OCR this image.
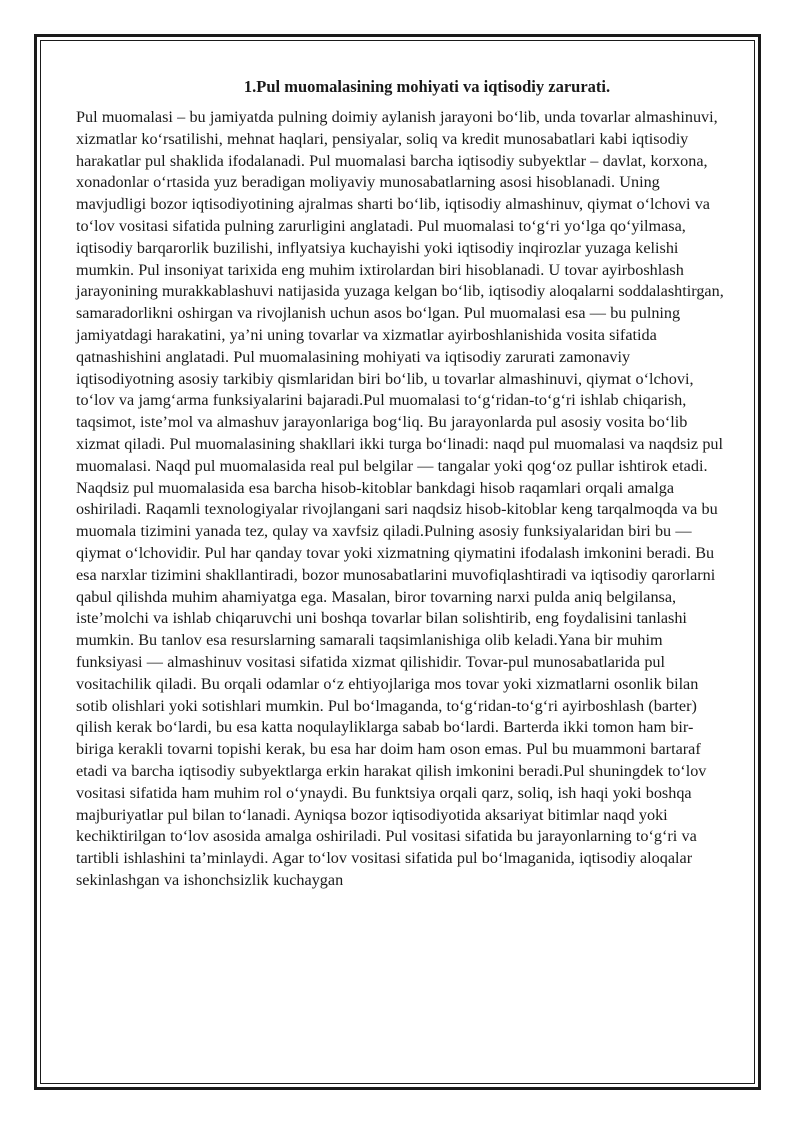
1.Pul muomalasining mohiyati va iqtisodiy zarurati.

Pul muomalasi – bu jamiyatda pulning doimiy aylanish jarayoni bo‘lib, unda tovarlar almashinuvi, xizmatlar ko‘rsatilishi, mehnat haqlari, pensiyalar, soliq va kredit munosabatlari kabi iqtisodiy harakatlar pul shaklida ifodalanadi. Pul muomalasi barcha iqtisodiy subyektlar – davlat, korxona, xonadonlar o‘rtasida yuz beradigan moliyaviy munosabatlarning asosi hisoblanadi. Uning mavjudligi bozor iqtisodiyotining ajralmas sharti bo‘lib, iqtisodiy almashinuv, qiymat o‘lchovi va to‘lov vositasi sifatida pulning zarurligini anglatadi. Pul muomalasi to‘g‘ri yo‘lga qo‘yilmasa, iqtisodiy barqarorlik buzilishi, inflyatsiya kuchayishi yoki iqtisodiy inqirozlar yuzaga kelishi mumkin. Pul insoniyat tarixida eng muhim ixtirolardan biri hisoblanadi. U tovar ayirboshlash jarayonining murakkablashuvi natijasida yuzaga kelgan bo‘lib, iqtisodiy aloqalarni soddalashtirgan, samaradorlikni oshirgan va rivojlanish uchun asos bo‘lgan. Pul muomalasi esa — bu pulning jamiyatdagi harakatini, ya’ni uning tovarlar va xizmatlar ayirboshlanishida vosita sifatida qatnashishini anglatadi. Pul muomalasining mohiyati va iqtisodiy zarurati zamonaviy iqtisodiyotning asosiy tarkibiy qismlaridan biri bo‘lib, u tovarlar almashinuvi, qiymat o‘lchovi, to‘lov va jamg‘arma funksiyalarini bajaradi.Pul muomalasi to‘g‘ridan-to‘g‘ri ishlab chiqarish, taqsimot, iste’mol va almashuv jarayonlariga bog‘liq. Bu jarayonlarda pul asosiy vosita bo‘lib xizmat qiladi. Pul muomalasining shakllari ikki turga bo‘linadi: naqd pul muomalasi va naqdsiz pul muomalasi. Naqd pul muomalasida real pul belgilar — tangalar yoki qog‘oz pullar ishtirok etadi. Naqdsiz pul muomalasida esa barcha hisob-kitoblar bankdagi hisob raqamlari orqali amalga oshiriladi. Raqamli texnologiyalar rivojlangani sari naqdsiz hisob-kitoblar keng tarqalmoqda va bu muomala tizimini yanada tez, qulay va xavfsiz qiladi.Pulning asosiy funksiyalaridan biri bu — qiymat o‘lchovidir. Pul har qanday tovar yoki xizmatning qiymatini ifodalash imkonini beradi. Bu esa narxlar tizimini shakllantiradi, bozor munosabatlarini muvofiqlashtiradi va iqtisodiy qarorlarni qabul qilishda muhim ahamiyatga ega. Masalan, biror tovarning narxi pulda aniq belgilansa, iste’molchi va ishlab chiqaruvchi uni boshqa tovarlar bilan solishtirib, eng foydalisini tanlashi mumkin. Bu tanlov esa resurslarning samarali taqsimlanishiga olib keladi.Yana bir muhim funksiyasi — almashinuv vositasi sifatida xizmat qilishidir. Tovar-pul munosabatlarida pul vositachilik qiladi. Bu orqali odamlar o‘z ehtiyojlariga mos tovar yoki xizmatlarni osonlik bilan sotib olishlari yoki sotishlari mumkin. Pul bo‘lmaganda, to‘g‘ridan-to‘g‘ri ayirboshlash (barter) qilish kerak bo‘lardi, bu esa katta noqulayliklarga sabab bo‘lardi. Barterda ikki tomon ham bir-biriga kerakli tovarni topishi kerak, bu esa har doim ham oson emas. Pul bu muammoni bartaraf etadi va barcha iqtisodiy subyektlarga erkin harakat qilish imkonini beradi.Pul shuningdek to‘lov vositasi sifatida ham muhim rol o‘ynaydi. Bu funktsiya orqali qarz, soliq, ish haqi yoki boshqa majburiyatlar pul bilan to‘lanadi. Ayniqsa bozor iqtisodiyotida aksariyat bitimlar naqd yoki kechiktirilgan to‘lov asosida amalga oshiriladi. Pul vositasi sifatida bu jarayonlarning to‘g‘ri va tartibli ishlashini ta’minlaydi. Agar to‘lov vositasi sifatida pul bo‘lmaganida, iqtisodiy aloqalar sekinlashgan va ishonchsizlik kuchaygan
